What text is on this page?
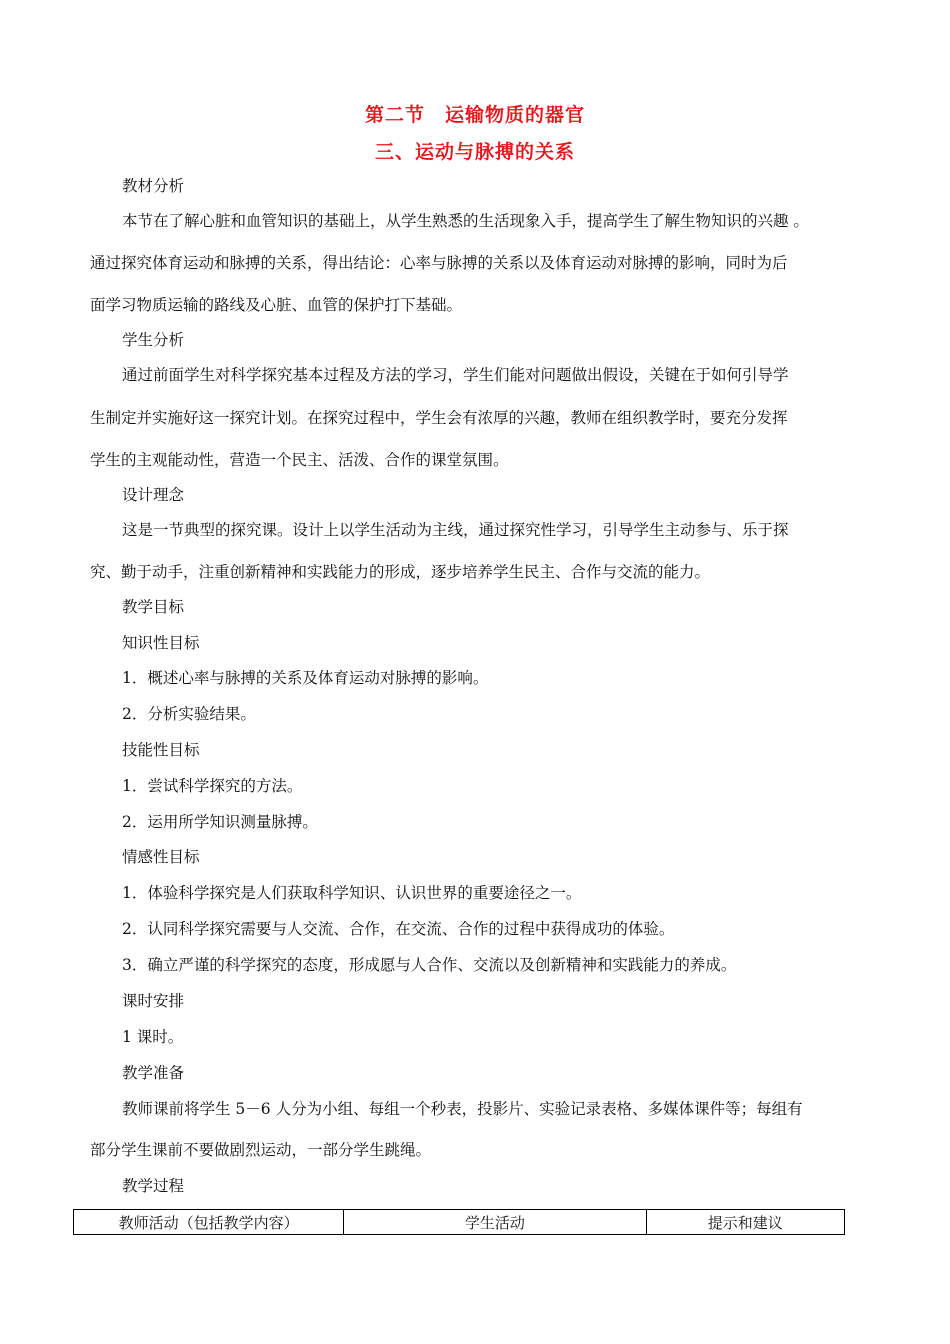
第二节　运输物质的器官
三、运动与脉搏的关系
教材分析
本节在了解心脏和血管知识的基础上，从学生熟悉的生活现象入手，提高学生了解生物知识的兴趣 。
通过探究体育运动和脉搏的关系，得出结论：心率与脉搏的关系以及体育运动对脉搏的影响，同时为后
面学习物质运输的路线及心脏、血管的保护打下基础。
学生分析
通过前面学生对科学探究基本过程及方法的学习，学生们能对问题做出假设，关键在于如何引导学
生制定并实施好这一探究计划。在探究过程中，学生会有浓厚的兴趣，教师在组织教学时，要充分发挥
学生的主观能动性，营造一个民主、活泼、合作的课堂氛围。
设计理念
这是一节典型的探究课。设计上以学生活动为主线，通过探究性学习，引导学生主动参与、乐于探
究、勤于动手，注重创新精神和实践能力的形成，逐步培养学生民主、合作与交流的能力。
教学目标
知识性目标
1．概述心率与脉搏的关系及体育运动对脉搏的影响。
2．分析实验结果。
技能性目标
1．尝试科学探究的方法。
2．运用所学知识测量脉搏。
情感性目标
1．体验科学探究是人们获取科学知识、认识世界的重要途径之一。
2．认同科学探究需要与人交流、合作，在交流、合作的过程中获得成功的体验。
3．确立严谨的科学探究的态度，形成愿与人合作、交流以及创新精神和实践能力的养成。
课时安排
1 课时。
教学准备
教师课前将学生 5－6 人分为小组、每组一个秒表，投影片、实验记录表格、多媒体课件等；每组有
部分学生课前不要做剧烈运动，一部分学生跳绳。
教学过程
教师活动（包括教学内容）	学生活动	提示和建议
